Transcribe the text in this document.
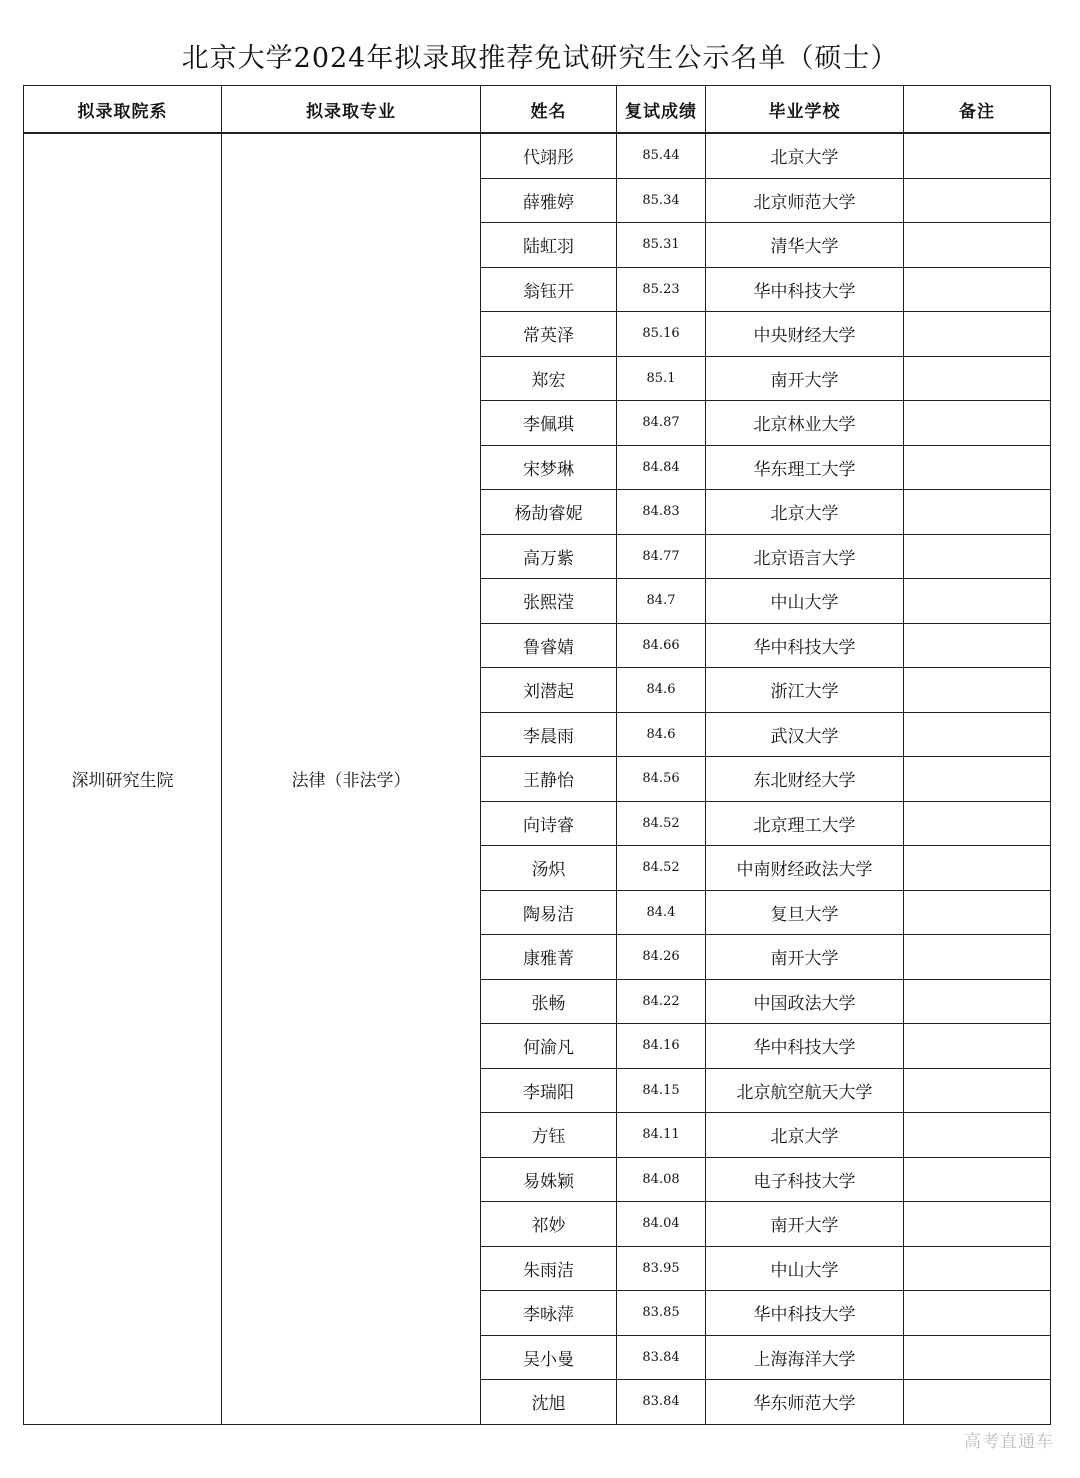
北京大学2024年拟录取推荐免试研究生公示名单（硕士）
拟录取院系	拟录取专业	姓名	复试成绩	毕业学校	备注
深圳研究生院	法律（非法学）	代翊彤	85.44	北京大学	
		薛雅婷	85.34	北京师范大学	
		陆虹羽	85.31	清华大学	
		翁钰开	85.23	华中科技大学	
		常英泽	85.16	中央财经大学	
		郑宏	85.1	南开大学	
		李佩琪	84.87	北京林业大学	
		宋梦琳	84.84	华东理工大学	
		杨劼睿妮	84.83	北京大学	
		高万紫	84.77	北京语言大学	
		张熙滢	84.7	中山大学	
		鲁睿婧	84.66	华中科技大学	
		刘潜起	84.6	浙江大学	
		李晨雨	84.6	武汉大学	
		王静怡	84.56	东北财经大学	
		向诗睿	84.52	北京理工大学	
		汤炽	84.52	中南财经政法大学	
		陶易洁	84.4	复旦大学	
		康雅菁	84.26	南开大学	
		张畅	84.22	中国政法大学	
		何渝凡	84.16	华中科技大学	
		李瑞阳	84.15	北京航空航天大学	
		方钰	84.11	北京大学	
		易姝颖	84.08	电子科技大学	
		祁妙	84.04	南开大学	
		朱雨洁	83.95	中山大学	
		李咏萍	83.85	华中科技大学	
		吴小曼	83.84	上海海洋大学	
		沈旭	83.84	华东师范大学	
高考直通车
